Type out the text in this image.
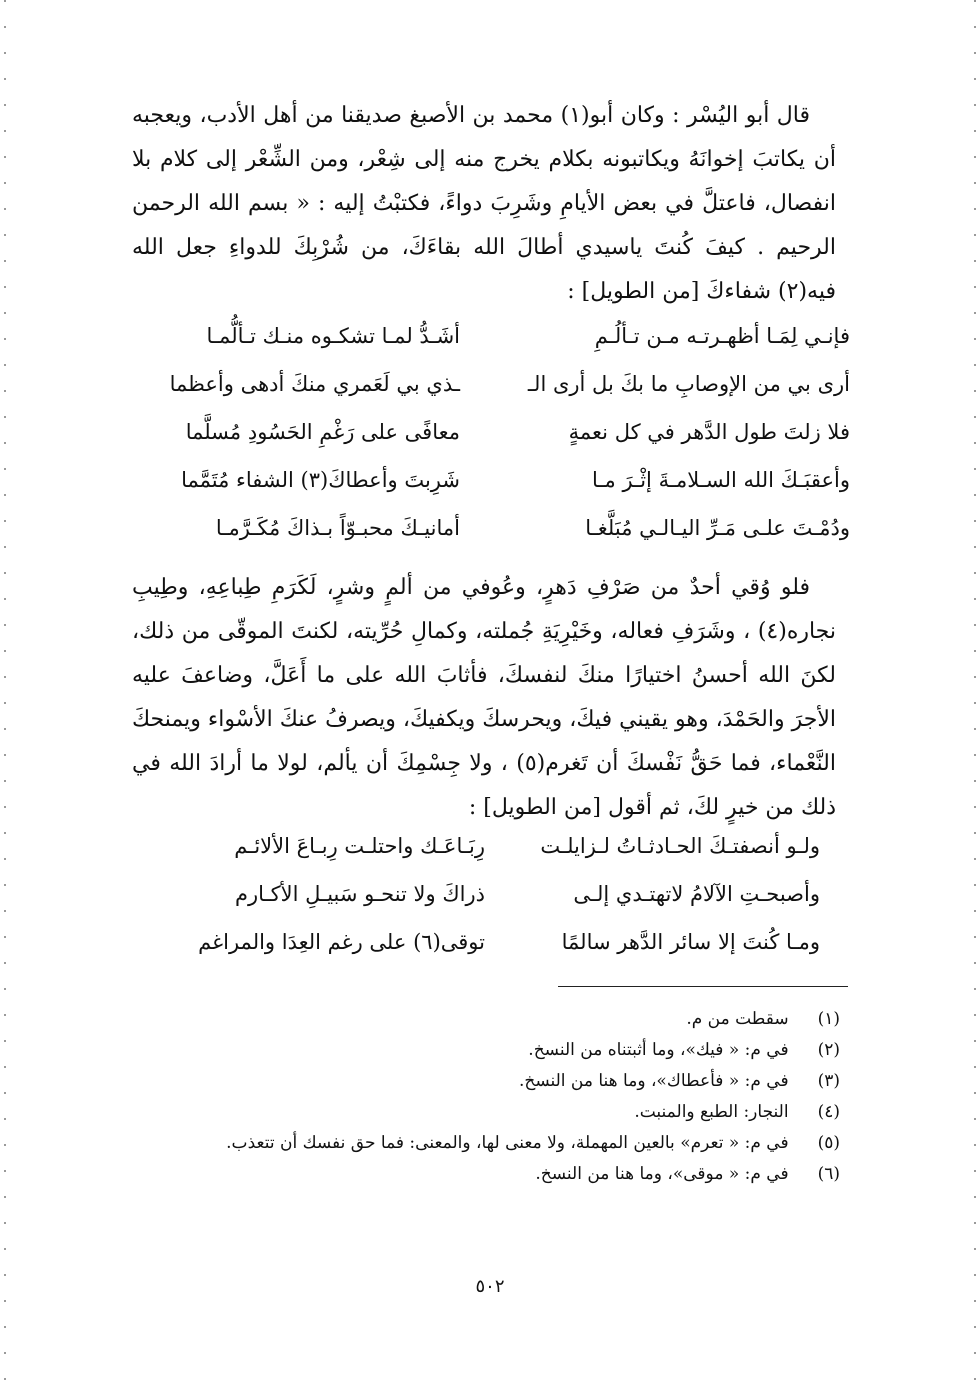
قال أبو اليُسْر : وكان أبو(١) محمد بن الأصبغ صديقنا من أهل الأدب، ويعجبه أن يكاتبَ إخوانَهُ ويكاتبونه بكلام يخرج منه إلى شِعْر، ومن الشِّعْر إلى كلام بلا انفصال، فاعتلَّ في بعض الأيامِ وشَرِبَ دواءً، فكتبْتُ إليه : « بسم الله الرحمن الرحيم . كيفَ كُنتَ ياسيدي أطالَ الله بقاءَكَ، من شُرْبِكَ للدواءِ جعل الله فيه(٢) شفاءكَ [من الطويل] :

فإنـي لِمَـا أظهـرتـه مـن تـألُـمِ
أشَـدُّ لمـا تشكـوه منـك تـألُّمـا
أرى بي من الإوصابِ ما بكَ بل أرى الـ
ـذي بي لَعَمري منكَ أدهى وأعظما
فلا زلتَ طول الدَّهر في كل نعمةٍ
معافًى على رَغْمِ الحَسُودِ مُسلَّما
وأعقبَـكَ الله السـلامـةَ إثْـرَ مـا
شَرِبتَ وأعطاكَ(٣) الشفاء مُتَمَّما
ودُمْـتَ علـى مَـرِّ اليـالـي مُبَلَّغـا
أمانيـكَ محبـوّاً بـذاكَ مُكَـرَّمـا

فلو وُقي أحدٌ من صَرْفِ دَهرٍ، وعُوفي من ألمٍ وشرٍ، لَكَرَمِ طِباعِهِ، وطِيبِ نجاره(٤) ، وشَرَفِ فعاله، وخَيْرِيَةِ جُملته، وكمالِ حُرِّيته، لكنتَ الموقّى من ذلك، لكنَ الله أحسنُ اختيارًا منكَ لنفسكَ، فأثابَ الله على ما أَعَلَّ، وضاعفَ عليه الأجرَ والحَمْدَ، وهو يقيني فيكَ، ويحرسكَ ويكفيكَ، ويصرفُ عنكَ الأسْواء ويمنحكَ النَّعْماء، فما حَقُّ نَفْسكَ أن تَغرم(٥) ، ولا جِسْمِكَ أن يألم، لولا ما أرادَ الله في ذلك من خيرٍ لكَ، ثم أقول [من الطويل] :

ولـو أنصفتـكَ الحـادثـاتُ لـزايلـت
رِبَـاعَـك واحتلـت رِبـاعَ الألائـم
وأصبحـتِ الآلامُ لاتهتـدي إلـى
ذراكَ ولا تنحـو سَبيـلِ الأكـارم
ومـا كُنتَ إلا سائر الدَّهر سالمًا
توقى(٦) على رغم العِدَا والمراغم
(١) سقطت من م.
(٢) في م: « فيك»، وما أثبتناه من النسخ.
(٣) في م: « فأعطاك»، وما هنا من النسخ.
(٤) النجار: الطبع والمنبت.
(٥) في م: « تعرم» بالعين المهملة، ولا معنى لها، والمعنى: فما حق نفسك أن تتعذب.
(٦) في م: « موقى»، وما هنا من النسخ.
٥٠٢
